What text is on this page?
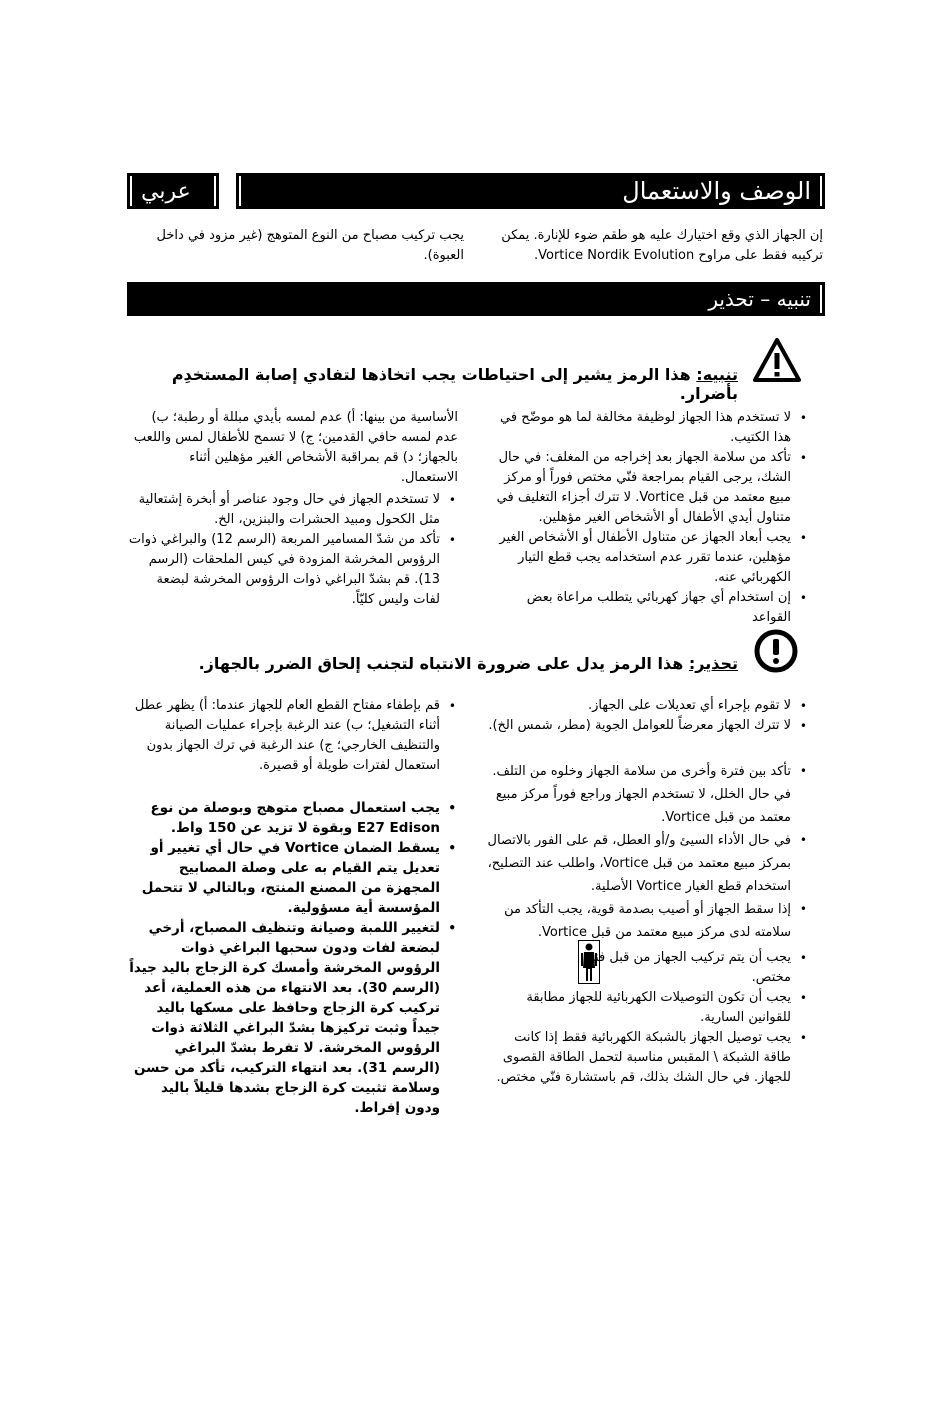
عربي	الوصف والاستعمال
إن الجهاز الذي وقع اختيارك عليه هو طقم ضوء للإنارة. يمكن تركيبه فقط على مراوح Vortice Nordik Evolution.
يجب تركيب مصباح من النوع المتوهج (غير مزود في داخل العبوة).
تنبيه – تحذير
تنبيه: هذا الرمز يشير إلى احتياطات يجب اتخاذها لتفادي إصابة المستخدِم بأضرار.
• لا تستخدم هذا الجهاز لوظيفة مخالفة لما هو موضّح في هذا الكتيب.
• تأكد من سلامة الجهاز بعد إخراجه من المغلف: في حال الشك، يرجى القيام بمراجعة فنّي مختص فوراً أو مركز مبيع معتمد من قبل Vortice. لا تترك أجزاء التغليف في متناول أيدي الأطفال أو الأشخاص الغير مؤهلين.
• يجب أبعاد الجهاز عن متناول الأطفال أو الأشخاص الغير مؤهلين، عندما تقرر عدم استخدامه يجب قطع التيار الكهربائي عنه.
• إن استخدام أي جهاز كهربائي يتطلب مراعاة بعض القواعد

الأساسية من بينها: أ) عدم لمسه بأيدي مبللة أو رطبة؛ ب) عدم لمسه حافي القدمين؛ ج) لا تسمح للأطفال لمس واللعب بالجهاز؛ د) قم بمراقبة الأشخاص الغير مؤهلين أثناء الاستعمال.

• لا تستخدم الجهاز في حال وجود عناصر أو أبخرة إشتعالية مثل الكحول ومبيد الحشرات والبنزين، الخ.
• تأكد من شدّ المسامير المربعة (الرسم 12) والبراغي ذوات الرؤوس المخرشة المزودة في كيس الملحقات (الرسم 13). قم بشدّ البراغي ذوات الرؤوس المخرشة لبضعة لفات وليس كليّاً.
تحذير: هذا الرمز يدل على ضرورة الانتباه لتجنب إلحاق الضرر بالجهاز.
• لا تقوم بإجراء أي تعديلات على الجهاز.
• لا تترك الجهاز معرضاً للعوامل الجوية (مطر، شمس الخ).
• تأكد بين فترة وأخرى من سلامة الجهاز وخلوه من التلف. في حال الخلل، لا تستخدم الجهاز وراجع فوراً مركز مبيع معتمد من قبل Vortice.
• في حال الأداء السيئ و/أو العطل، قم على الفور بالاتصال بمركز مبيع معتمد من قبل Vortice، واطلب عند التصليح، استخدام قطع الغيار Vortice الأصلية.
• إذا سقط الجهاز أو أصيب بصدمة قوية، يجب التأكد من سلامته لدى مركز مبيع معتمد من قبل Vortice.
• يجب أن يتم تركيب الجهاز من قبل فني مختص.
• يجب أن تكون التوصيلات الكهربائية للجهاز مطابقة للقوانين السارية.
• يجب توصيل الجهاز بالشبكة الكهربائية فقط إذا كانت طاقة الشبكة \ المقبس مناسبة لتحمل الطاقة القصوى للجهاز. في حال الشك بذلك، قم باستشارة فنّي مختص.
• قم بإطفاء مفتاح القطع العام للجهاز عندما: أ) يظهر عطل أثناء التشغيل؛ ب) عند الرغبة بإجراء عمليات الصيانة والتنظيف الخارجي؛ ج) عند الرغبة في ترك الجهاز بدون استعمال لفترات طويلة أو قصيرة.
• يجب استعمال مصباح متوهج وبوصلة من نوع E27 Edison وبقوة لا تزيد عن 150 واط.
• يسقط الضمان Vortice في حال أي تغيير أو تعديل يتم القيام به على وصلة المصابيح المجهزة من المصنع المنتج، وبالتالي لا تتحمل المؤسسة أية مسؤولية.
• لتغيير اللمبة وصيانة وتنظيف المصباح، أرخي لبضعة لفات ودون سحبها البراغي ذوات الرؤوس المخرشة وأمسك كرة الزجاج باليد جيداً (الرسم 30). بعد الانتهاء من هذه العملية، أعد تركيب كرة الزجاج وحافظ على مسكها باليد جيداً وثبت تركيزها بشدّ البراغي الثلاثة ذوات الرؤوس المخرشة. لا تفرط بشدّ البراغي (الرسم 31). بعد انتهاء التركيب، تأكد من حسن وسلامة تثبيت كرة الزجاج بشدها قليلاً باليد ودون إفراط.
